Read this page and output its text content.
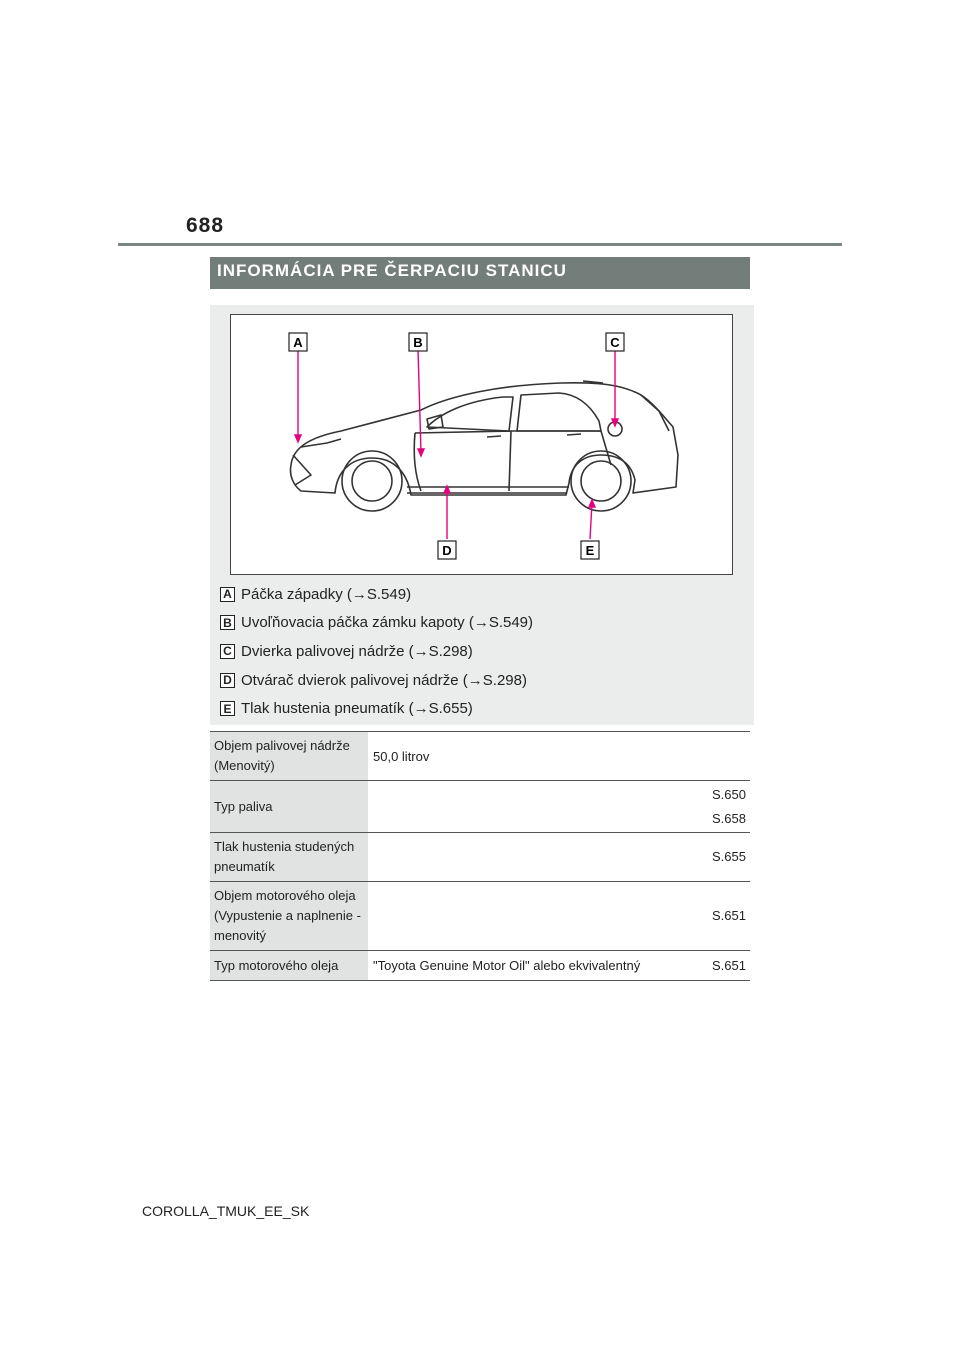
688
INFORMÁCIA PRE ČERPACIU STANICU
A	B	C
D	E
A Páčka západky (→S.549)
B Uvoľňovacia páčka zámku kapoty (→S.549)
C Dvierka palivovej nádrže (→S.298)
D Otvárač dvierok palivovej nádrže (→S.298)
E Tlak hustenia pneumatík (→S.655)
Objem palivovej nádrže (Menovitý)	50,0 litrov	
Typ paliva		S.650
S.658

Tlak hustenia studených pneumatík		S.655

Objem motorového oleja (Vypustenie a naplnenie - menovitý		S.651

Typ motorového oleja	"Toyota Genuine Motor Oil" alebo ekvivalentný	S.651
COROLLA_TMUK_EE_SK
